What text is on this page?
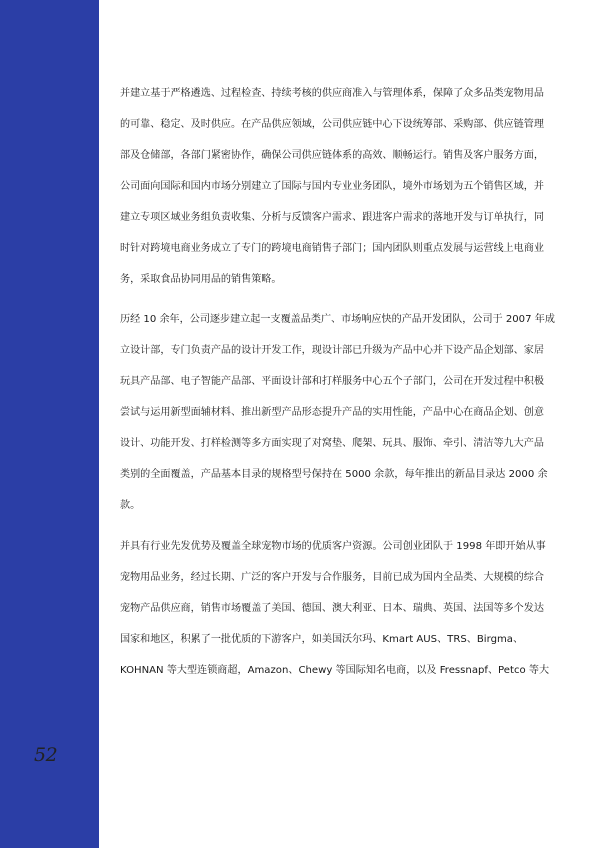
52
并建立基于严格遴选、过程检查、持续考核的供应商准入与管理体系，保障了众多品类宠物用品
的可靠、稳定、及时供应。在产品供应领域，公司供应链中心下设统筹部、采购部、供应链管理
部及仓储部，各部门紧密协作，确保公司供应链体系的高效、顺畅运行。销售及客户服务方面，
公司面向国际和国内市场分别建立了国际与国内专业业务团队，境外市场划为五个销售区域，并
建立专项区域业务组负责收集、分析与反馈客户需求、跟进客户需求的落地开发与订单执行，同
时针对跨境电商业务成立了专门的跨境电商销售子部门；国内团队则重点发展与运营线上电商业
务，采取食品协同用品的销售策略。
历经 10 余年，公司逐步建立起一支覆盖品类广、市场响应快的产品开发团队，公司于 2007 年成
立设计部，专门负责产品的设计开发工作，现设计部已升级为产品中心并下设产品企划部、家居
玩具产品部、电子智能产品部、平面设计部和打样服务中心五个子部门，公司在开发过程中积极
尝试与运用新型面辅材料、推出新型产品形态提升产品的实用性能，产品中心在商品企划、创意
设计、功能开发、打样检测等多方面实现了对窝垫、爬架、玩具、服饰、牵引、清洁等九大产品
类别的全面覆盖，产品基本目录的规格型号保持在 5000 余款，每年推出的新品目录达 2000 余
款。
并具有行业先发优势及覆盖全球宠物市场的优质客户资源。公司创业团队于 1998 年即开始从事
宠物用品业务，经过长期、广泛的客户开发与合作服务，目前已成为国内全品类、大规模的综合
宠物产品供应商，销售市场覆盖了美国、德国、澳大利亚、日本、瑞典、英国、法国等多个发达
国家和地区，积累了一批优质的下游客户，如美国沃尔玛、Kmart AUS、TRS、Birgma、
KOHNAN 等大型连锁商超，Amazon、Chewy 等国际知名电商，以及 Fressnapf、Petco 等大
